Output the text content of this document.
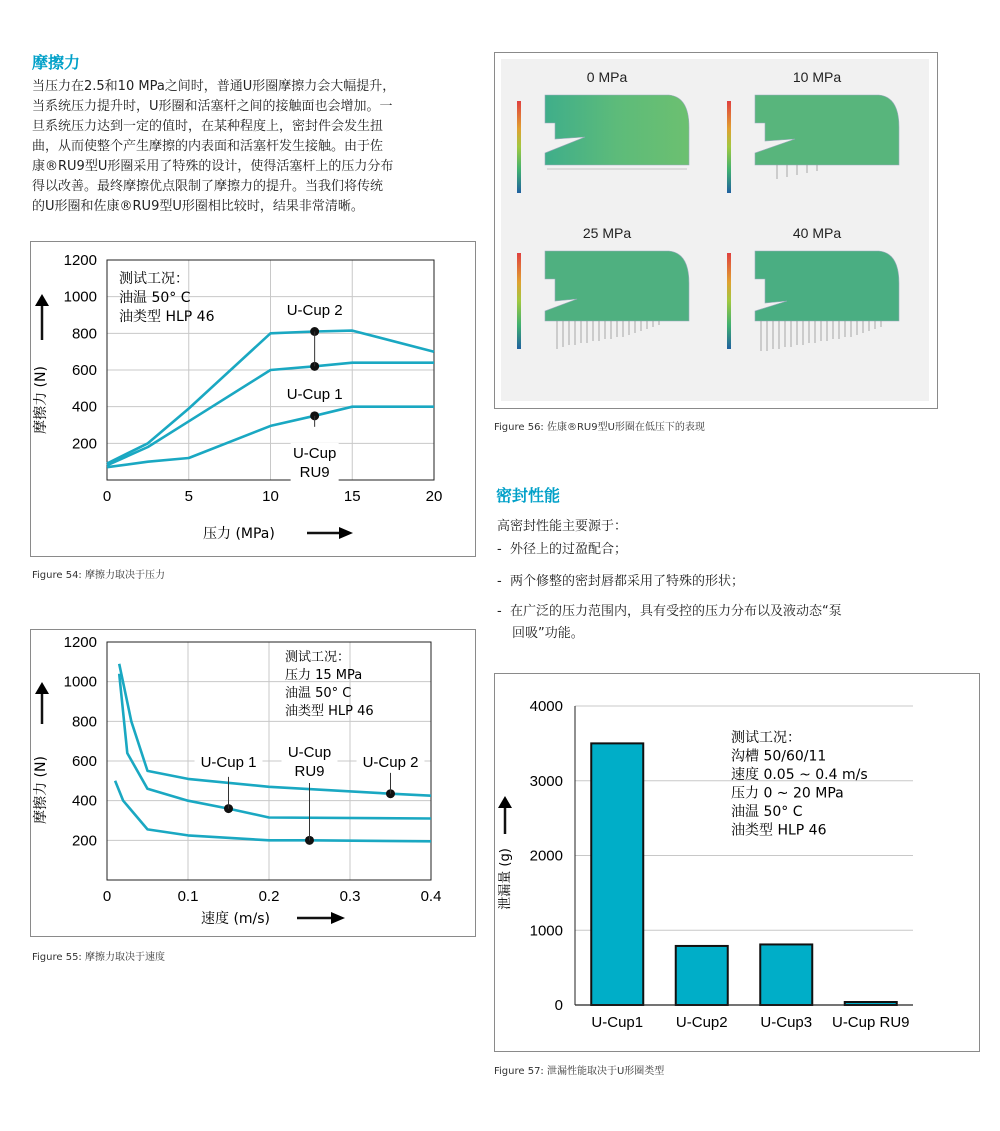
摩擦力
当压力在2.5和10 MPa之间时，普通U形圈摩擦力会大幅提升，
当系统压力提升时，U形圈和活塞杆之间的接触面也会增加。一
旦系统压力达到一定的值时，在某种程度上，密封件会发生扭
曲，从而使整个产生摩擦的内表面和活塞杆发生接触。由于佐
康®RU9型U形圈采用了特殊的设计，使得活塞杆上的压力分布
得以改善。最终摩擦优点限制了摩擦力的提升。当我们将传统
的U形圈和佐康®RU9型U形圈相比较时，结果非常清晰。
200
400
600
800
1000
1200
0	5	10	15	20
U-Cup 2
U-Cup 1
U-Cup
RU9
测试工况：
油温 50° C
油类型 HLP 46
摩擦力 (N)
压力 (MPa)
Figure 54: 摩擦力取决于压力
200
400
600
800
1000
1200
0	0.1	0.2	0.3	0.4
U-Cup 1
U-Cup
RU9
U-Cup 2
测试工况：
压力 15 MPa
油温 50° C
油类型 HLP 46
摩擦力 (N)
速度 (m/s)
Figure 55: 摩擦力取决于速度
0 MPa	10 MPa
25 MPa	40 MPa
Figure 56: 佐康®RU9型U形圈在低压下的表现
密封性能
高密封性能主要源于：
-  外径上的过盈配合；
-  两个修整的密封唇都采用了特殊的形状；
-  在广泛的压力范围内，具有受控的压力分布以及液动态“泵
回吸”功能。
0
1000
2000
3000
4000
U-Cup1 U-Cup2 U-Cup3 U-Cup RU9
测试工况：
沟槽 50/60/11
速度 0.05 ~ 0.4 m/s
压力 0 ~ 20 MPa
油温 50° C
油类型 HLP 46
泄漏量 (g)
Figure 57: 泄漏性能取决于U形圈类型
